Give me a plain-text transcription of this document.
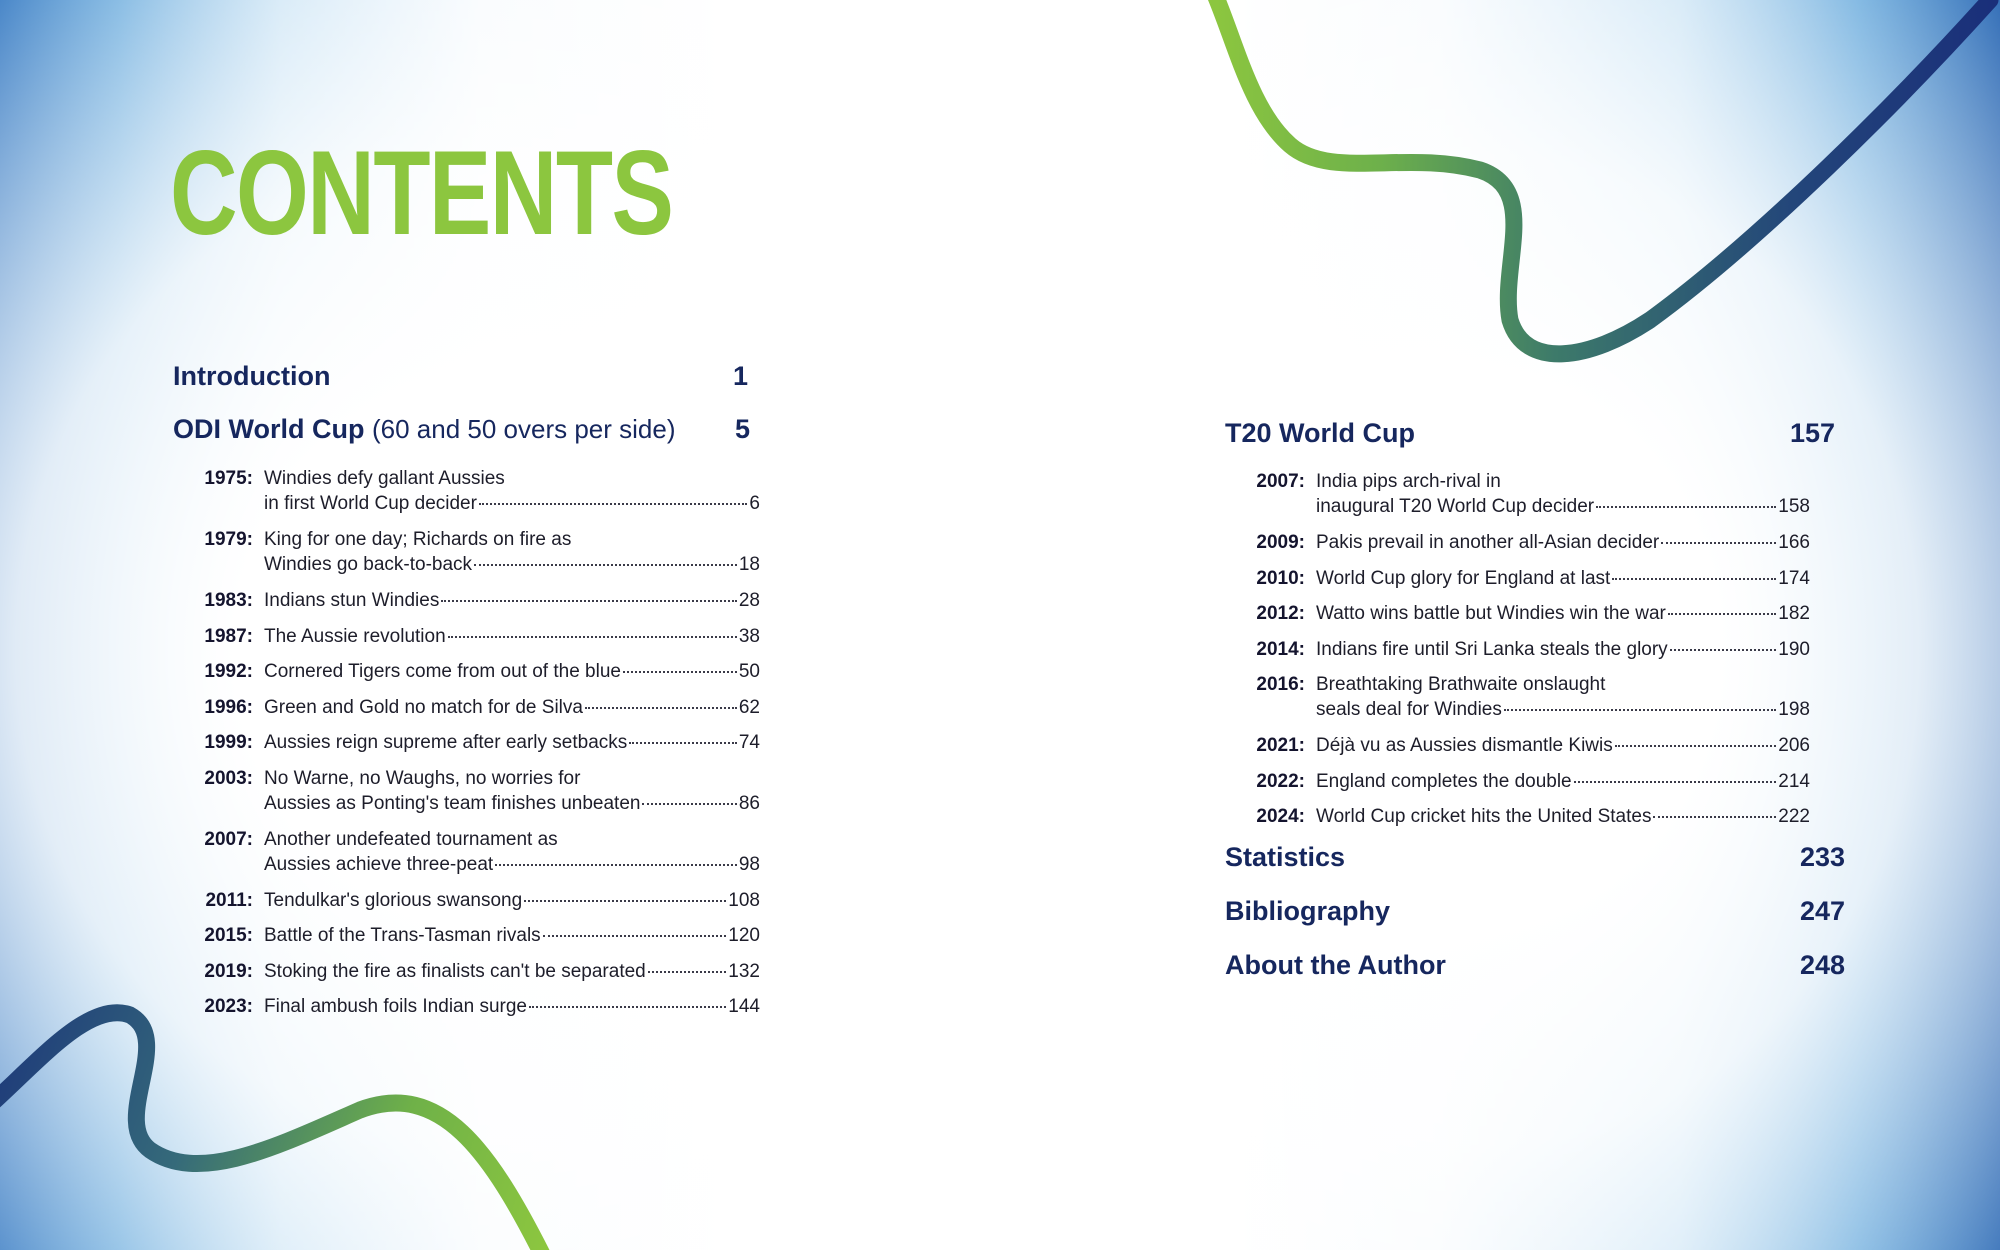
CONTENTS
Introduction	1
ODI World Cup (60 and 50 overs per side) 5
1975: Windies defy gallant Aussies
in first World Cup decider	6
1979: King for one day; Richards on fire as
Windies go back-to-back	18
1983: Indians stun Windies	28
1987: The Aussie revolution	38
1992: Cornered Tigers come from out of the blue	50
1996: Green and Gold no match for de Silva	62
1999: Aussies reign supreme after early setbacks	74
2003: No Warne, no Waughs, no worries for
Aussies as Ponting's team finishes unbeaten	86
2007: Another undefeated tournament as
Aussies achieve three-peat	98
2011: Tendulkar's glorious swansong	108
2015: Battle of the Trans-Tasman rivals	120
2019: Stoking the fire as finalists can't be separated	132
2023: Final ambush foils Indian surge	144
T20 World Cup	157
2007: India pips arch-rival in
inaugural T20 World Cup decider	158
2009: Pakis prevail in another all-Asian decider	166
2010: World Cup glory for England at last	174
2012: Watto wins battle but Windies win the war	182
2014: Indians fire until Sri Lanka steals the glory	190
2016: Breathtaking Brathwaite onslaught
seals deal for Windies	198
2021: Déjà vu as Aussies dismantle Kiwis	206
2022: England completes the double	214
2024: World Cup cricket hits the United States	222
Statistics	233
Bibliography	247
About the Author	248
